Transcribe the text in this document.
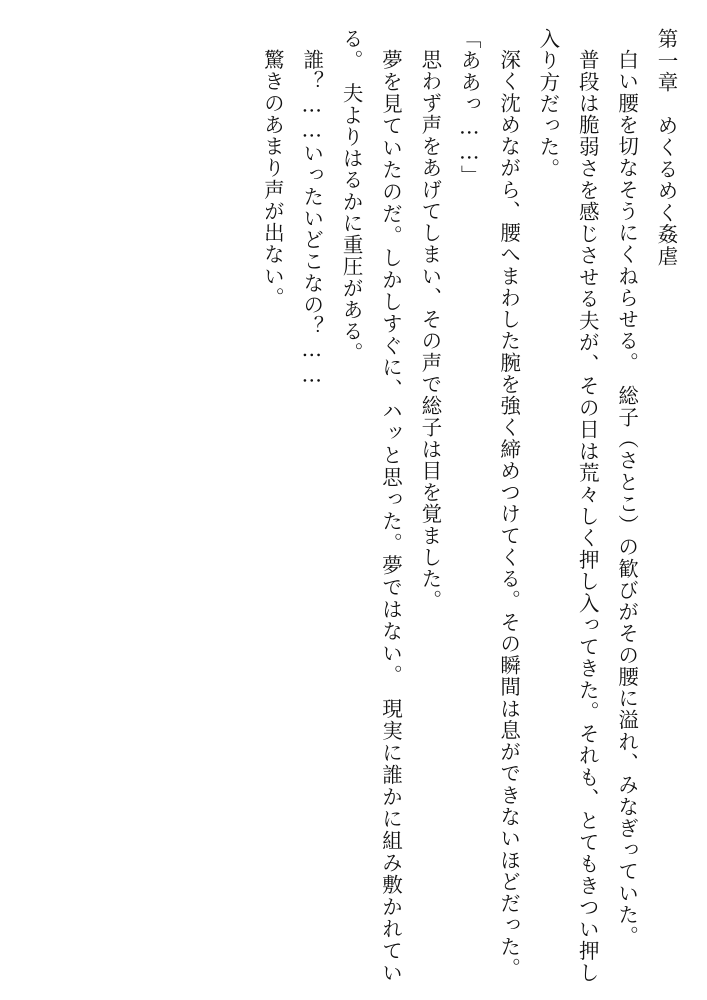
第一章　めくるめく姦虐
白い腰を切なそうにくねらせる。　総子（さとこ）の歓びがその腰に溢れ、みなぎっていた。
普段は脆弱さを感じさせる夫が、その日は荒々しく押し入ってきた。それも、とてもきつい押し入り方だった。
深く沈めながら、腰へまわした腕を強く締めつけてくる。その瞬間は息ができないほどだった。
「ああっ……」
思わず声をあげてしまい、その声で総子は目を覚ました。
夢を見ていたのだ。しかしすぐに、ハッと思った。夢ではない。　現実に誰かに組み敷かれている。　夫よりはるかに重圧がある。
誰？……いったいどこなの？……
驚きのあまり声が出ない。
